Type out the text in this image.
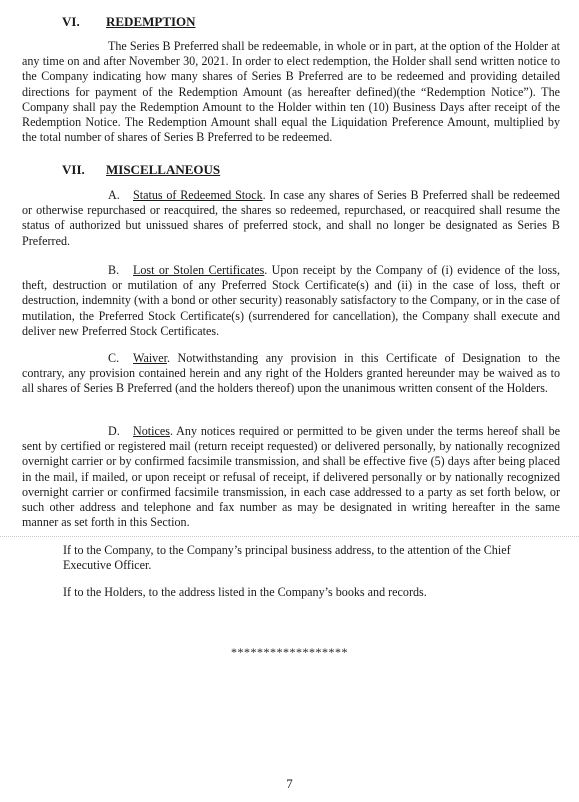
VI. REDEMPTION

The Series B Preferred shall be redeemable, in whole or in part, at the option of the Holder at any time on and after November 30, 2021. In order to elect redemption, the Holder shall send written notice to the Company indicating how many shares of Series B Preferred are to be redeemed and providing detailed directions for payment of the Redemption Amount (as hereafter defined)(the “Redemption Notice”). The Company shall pay the Redemption Amount to the Holder within ten (10) Business Days after receipt of the Redemption Notice. The Redemption Amount shall equal the Liquidation Preference Amount, multiplied by the total number of shares of Series B Preferred to be redeemed.

VII. MISCELLANEOUS

A. Status of Redeemed Stock. In case any shares of Series B Preferred shall be redeemed or otherwise repurchased or reacquired, the shares so redeemed, repurchased, or reacquired shall resume the status of authorized but unissued shares of preferred stock, and shall no longer be designated as Series B Preferred.

B. Lost or Stolen Certificates. Upon receipt by the Company of (i) evidence of the loss, theft, destruction or mutilation of any Preferred Stock Certificate(s) and (ii) in the case of loss, theft or destruction, indemnity (with a bond or other security) reasonably satisfactory to the Company, or in the case of mutilation, the Preferred Stock Certificate(s) (surrendered for cancellation), the Company shall execute and deliver new Preferred Stock Certificates.

C. Waiver. Notwithstanding any provision in this Certificate of Designation to the contrary, any provision contained herein and any right of the Holders granted hereunder may be waived as to all shares of Series B Preferred (and the holders thereof) upon the unanimous written consent of the Holders.

D. Notices. Any notices required or permitted to be given under the terms hereof shall be sent by certified or registered mail (return receipt requested) or delivered personally, by nationally recognized overnight carrier or by confirmed facsimile transmission, and shall be effective five (5) days after being placed in the mail, if mailed, or upon receipt or refusal of receipt, if delivered personally or by nationally recognized overnight carrier or confirmed facsimile transmission, in each case addressed to a party as set forth below, or such other address and telephone and fax number as may be designated in writing hereafter in the same manner as set forth in this Section.

If to the Company, to the Company’s principal business address, to the attention of the Chief Executive Officer.

If to the Holders, to the address listed in the Company’s books and records.

******************
7
